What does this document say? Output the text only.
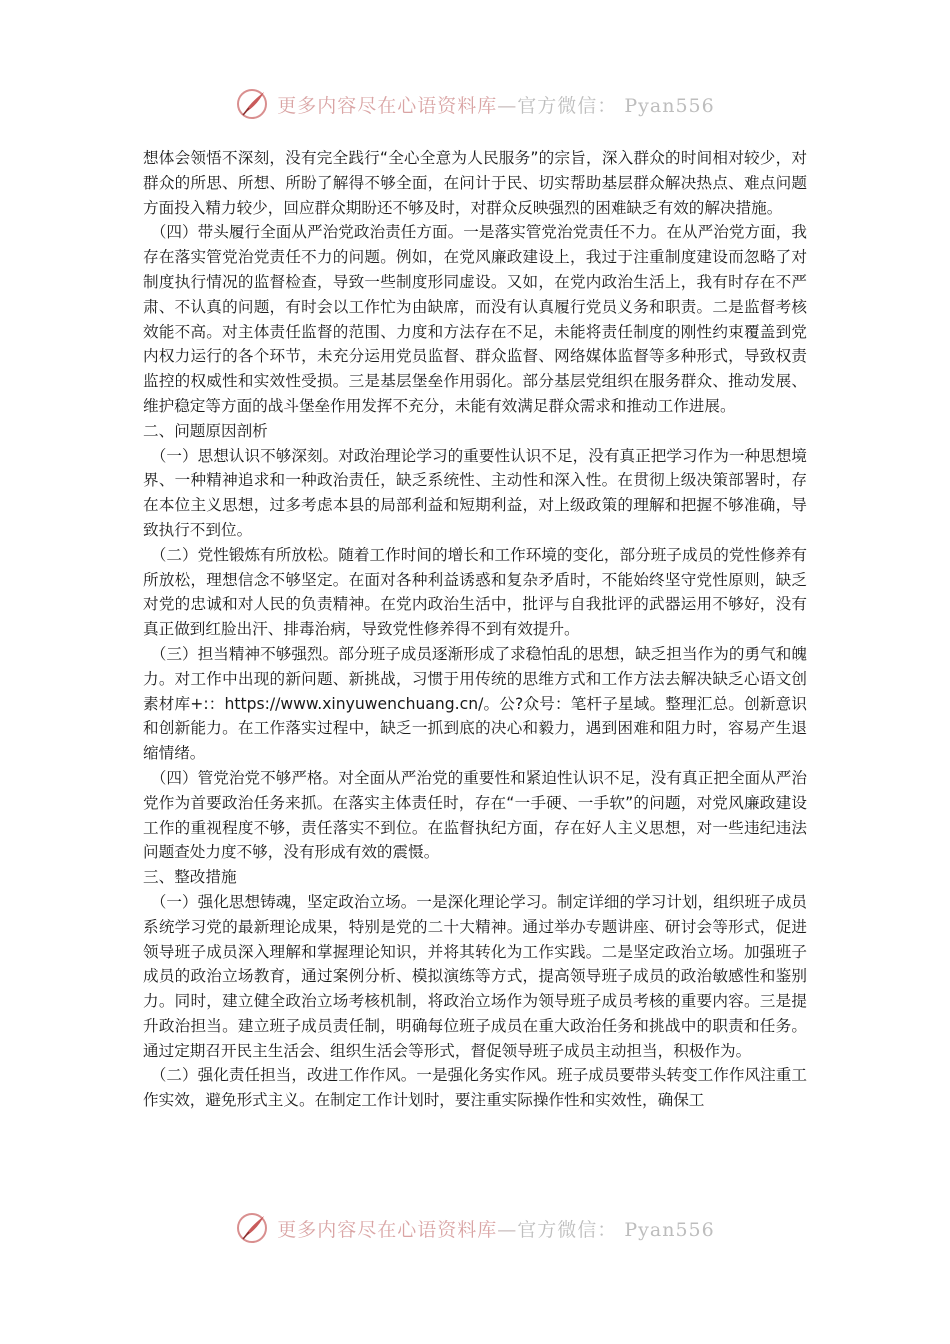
更多内容尽在心语资料库—官方微信： Pyan556

想体会领悟不深刻，没有完全践行“全心全意为人民服务”的宗旨，深入群众的时间相对较少，对群众的所思、所想、所盼了解得不够全面，在问计于民、切实帮助基层群众解决热点、难点问题方面投入精力较少，回应群众期盼还不够及时，对群众反映强烈的困难缺乏有效的解决措施。

（四）带头履行全面从严治党政治责任方面。一是落实管党治党责任不力。在从严治党方面，我存在落实管党治党责任不力的问题。例如，在党风廉政建设上，我过于注重制度建设而忽略了对制度执行情况的监督检查，导致一些制度形同虚设。又如，在党内政治生活上，我有时存在不严肃、不认真的问题，有时会以工作忙为由缺席，而没有认真履行党员义务和职责。二是监督考核效能不高。对主体责任监督的范围、力度和方法存在不足，未能将责任制度的刚性约束覆盖到党内权力运行的各个环节，未充分运用党员监督、群众监督、网络媒体监督等多种形式，导致权责监控的权威性和实效性受损。三是基层堡垒作用弱化。部分基层党组织在服务群众、推动发展、维护稳定等方面的战斗堡垒作用发挥不充分，未能有效满足群众需求和推动工作进展。

二、问题原因剖析

（一）思想认识不够深刻。对政治理论学习的重要性认识不足，没有真正把学习作为一种思想境界、一种精神追求和一种政治责任，缺乏系统性、主动性和深入性。在贯彻上级决策部署时，存在本位主义思想，过多考虑本县的局部利益和短期利益，对上级政策的理解和把握不够准确，导致执行不到位。

（二）党性锻炼有所放松。随着工作时间的增长和工作环境的变化，部分班子成员的党性修养有所放松，理想信念不够坚定。在面对各种利益诱惑和复杂矛盾时，不能始终坚守党性原则，缺乏对党的忠诚和对人民的负责精神。在党内政治生活中，批评与自我批评的武器运用不够好，没有真正做到红脸出汗、排毒治病，导致党性修养得不到有效提升。

（三）担当精神不够强烈。部分班子成员逐渐形成了求稳怕乱的思想，缺乏担当作为的勇气和魄力。对工作中出现的新问题、新挑战，习惯于用传统的思维方式和工作方法去解决缺乏心语文创素材库+:：https://www.xinyuwenchuang.cn/。公?众号：笔杆子星域。整理汇总。创新意识和创新能力。在工作落实过程中，缺乏一抓到底的决心和毅力，遇到困难和阻力时，容易产生退缩情绪。

（四）管党治党不够严格。对全面从严治党的重要性和紧迫性认识不足，没有真正把全面从严治党作为首要政治任务来抓。在落实主体责任时，存在“一手硬、一手软”的问题，对党风廉政建设工作的重视程度不够，责任落实不到位。在监督执纪方面，存在好人主义思想，对一些违纪违法问题查处力度不够，没有形成有效的震慑。

三、整改措施

（一）强化思想铸魂，坚定政治立场。一是深化理论学习。制定详细的学习计划，组织班子成员系统学习党的最新理论成果，特别是党的二十大精神。通过举办专题讲座、研讨会等形式，促进领导班子成员深入理解和掌握理论知识，并将其转化为工作实践。二是坚定政治立场。加强班子成员的政治立场教育，通过案例分析、模拟演练等方式，提高领导班子成员的政治敏感性和鉴别力。同时，建立健全政治立场考核机制，将政治立场作为领导班子成员考核的重要内容。三是提升政治担当。建立班子成员责任制，明确每位班子成员在重大政治任务和挑战中的职责和任务。通过定期召开民主生活会、组织生活会等形式，督促领导班子成员主动担当，积极作为。

（二）强化责任担当，改进工作作风。一是强化务实作风。班子成员要带头转变工作作风注重工作实效，避免形式主义。在制定工作计划时，要注重实际操作性和实效性，确保工

更多内容尽在心语资料库—官方微信： Pyan556
